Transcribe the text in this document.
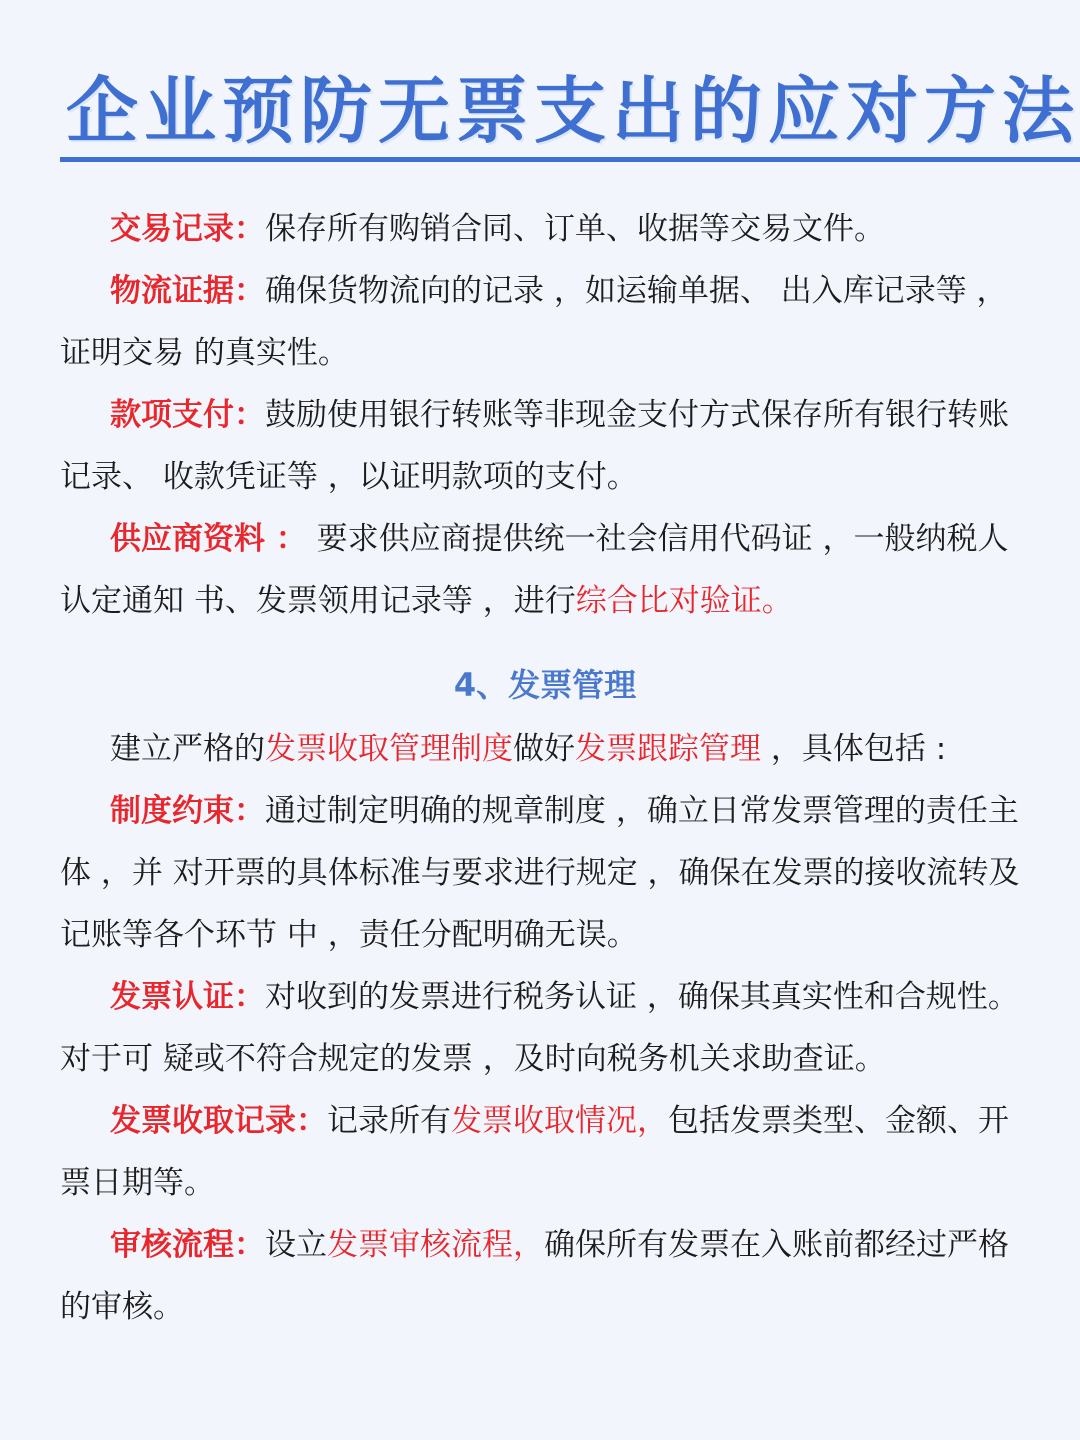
企业预防无票支出的应对方法

交易记录：保存所有购销合同、订单、收据等交易文件。

物流证据：确保货物流向的记录 ，如运输单据、 出入库记录等 ，证明交易 的真实性。

款项支付：鼓励使用银行转账等非现金支付方式保存所有银行转账记录、 收款凭证等 ，以证明款项的支付。

供应商资料 ： 要求供应商提供统一社会信用代码证 ，一般纳税人认定通知 书、发票领用记录等 ，进行综合比对验证。

4、发票管理

建立严格的发票收取管理制度做好发票跟踪管理 ，具体包括 :

制度约束：通过制定明确的规章制度 ，确立日常发票管理的责任主体 ，并 对开票的具体标准与要求进行规定 ，确保在发票的接收流转及记账等各个环节 中 ，责任分配明确无误。

发票认证：对收到的发票进行税务认证 ，确保其真实性和合规性。对于可 疑或不符合规定的发票 ，及时向税务机关求助查证。

发票收取记录：记录所有发票收取情况，包括发票类型、金额、开票日期等。

审核流程：设立发票审核流程，确保所有发票在入账前都经过严格的审核。
